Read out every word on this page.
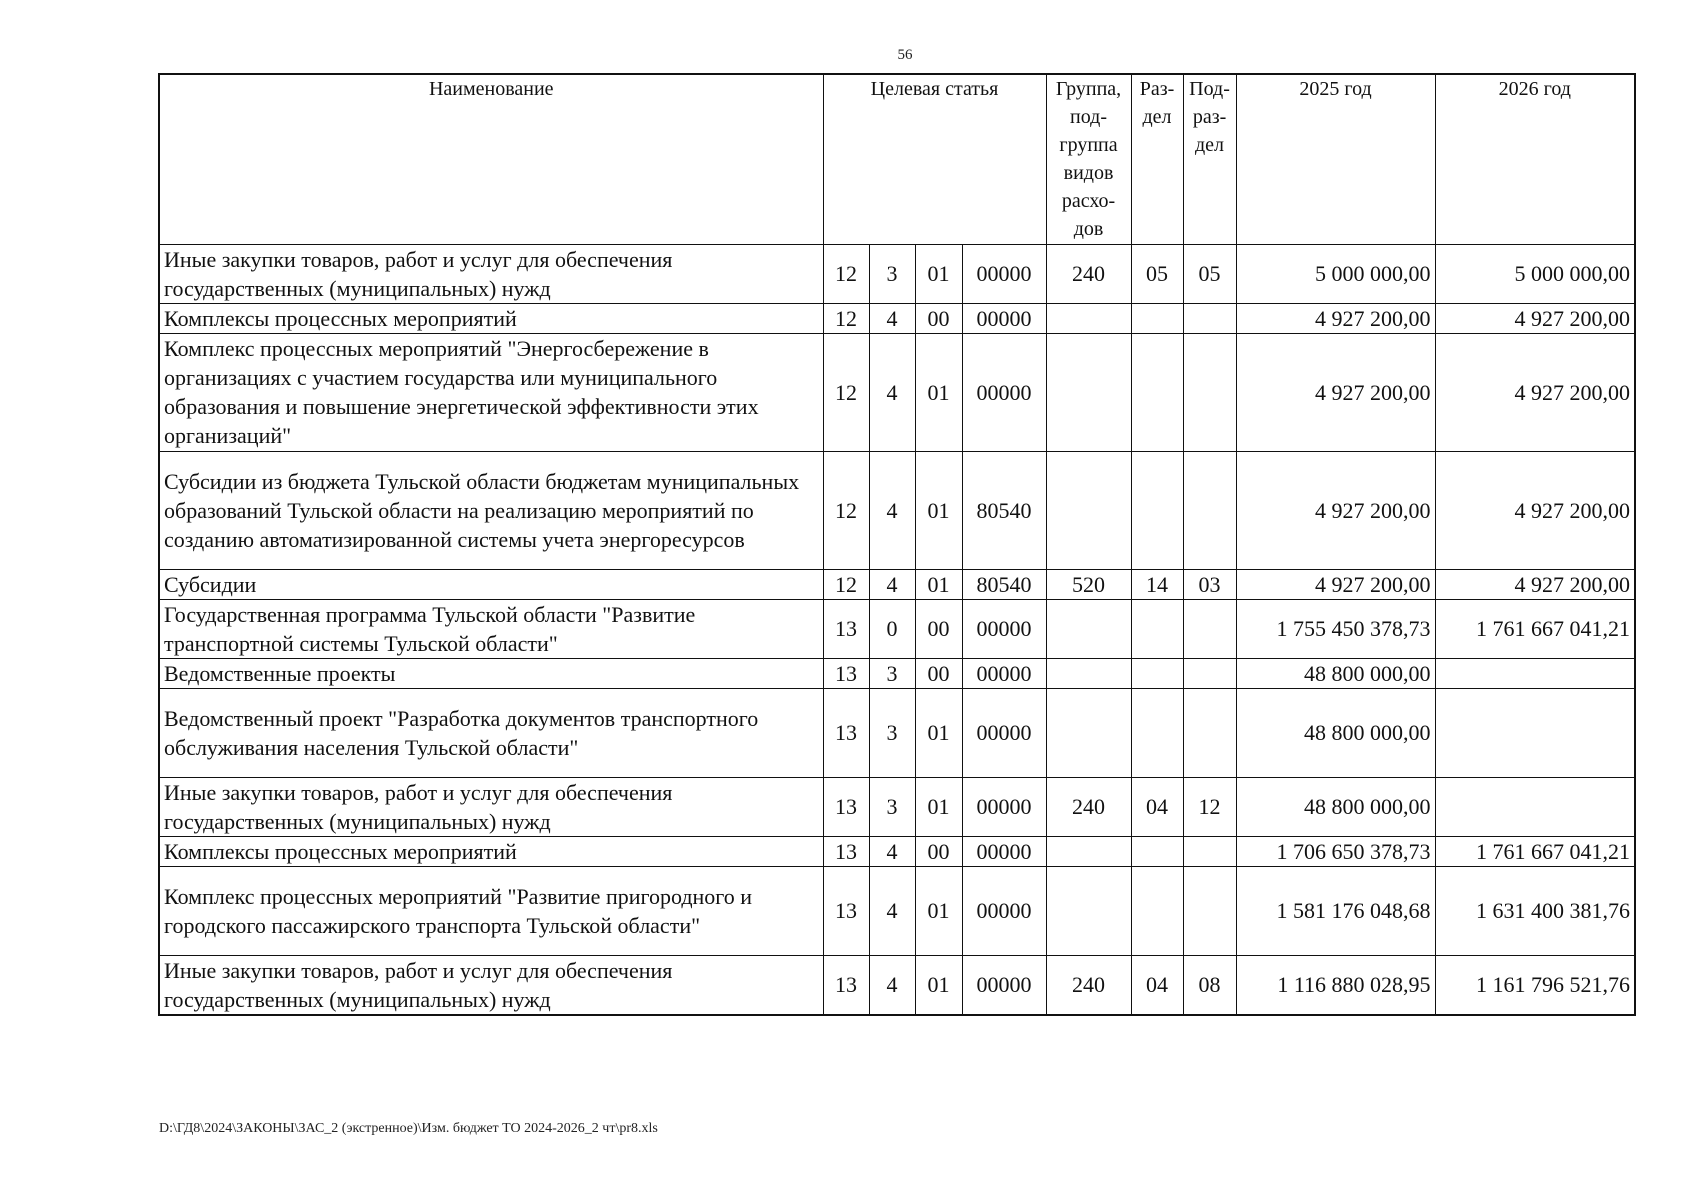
56
Наименование	Целевая статья				Группа, под-группа видов расхо-дов	Раз-дел	Под-раз-дел	2025 год	2026 год
Иные закупки товаров, работ и услуг для обеспечения государственных (муниципальных) нужд	12	3	01	00000	240	05	05	5 000 000,00	5 000 000,00
Комплексы процессных мероприятий	12	4	00	00000				4 927 200,00	4 927 200,00
Комплекс процессных мероприятий "Энергосбережение в организациях с участием государства или муниципального образования и повышение энергетической эффективности этих организаций"	12	4	01	00000				4 927 200,00	4 927 200,00
Субсидии из бюджета Тульской области бюджетам муниципальных образований Тульской области на реализацию мероприятий по созданию автоматизированной системы учета энергоресурсов	12	4	01	80540				4 927 200,00	4 927 200,00
Субсидии	12	4	01	80540	520	14	03	4 927 200,00	4 927 200,00
Государственная программа Тульской области "Развитие транспортной системы Тульской области"	13	0	00	00000				1 755 450 378,73	1 761 667 041,21
Ведомственные проекты	13	3	00	00000				48 800 000,00	
Ведомственный проект "Разработка документов транспортного обслуживания населения Тульской области"	13	3	01	00000				48 800 000,00	
Иные закупки товаров, работ и услуг для обеспечения государственных (муниципальных) нужд	13	3	01	00000	240	04	12	48 800 000,00	
Комплексы процессных мероприятий	13	4	00	00000				1 706 650 378,73	1 761 667 041,21
Комплекс процессных мероприятий "Развитие пригородного и городского пассажирского транспорта Тульской области"	13	4	01	00000				1 581 176 048,68	1 631 400 381,76
Иные закупки товаров, работ и услуг для обеспечения государственных (муниципальных) нужд	13	4	01	00000	240	04	08	1 116 880 028,95	1 161 796 521,76
D:\ГД8\2024\ЗАКОНЫ\ЗАС_2 (экстренное)\Изм. бюджет ТО 2024-2026_2 чт\pr8.xls
